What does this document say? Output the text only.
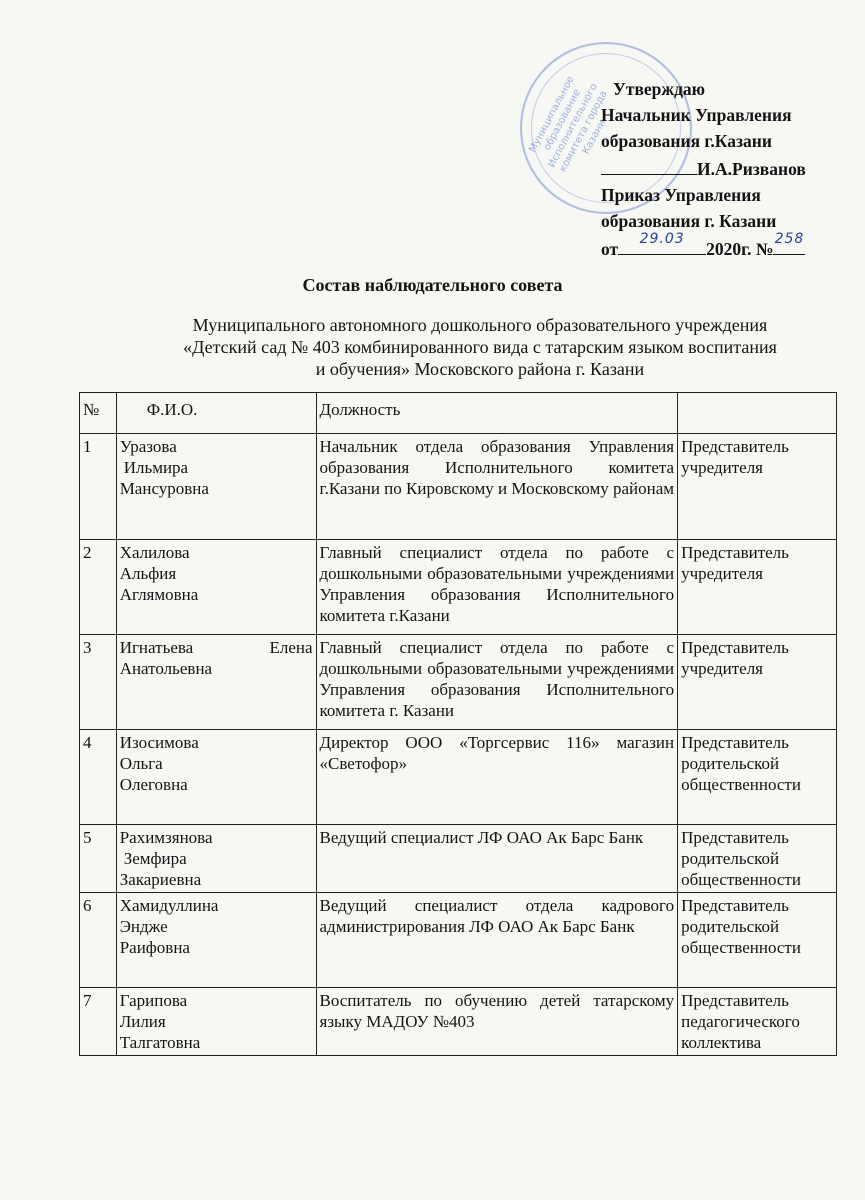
Муниципальное образование Исполнительного комитета города Казани
Утверждаю
Начальник Управления
образования г.Казани
И.А.Ризванов
Приказ Управления
образования г. Казани
от	29.03	2020г. № 258
Состав наблюдательного совета
Муниципального автономного дошкольного образовательного учреждения
«Детский сад № 403 комбинированного вида с татарским языком воспитания
и обучения» Московского района г. Казани
№	Ф.И.О.	Должность	
1	Уразова
Ильмира
Мансуровна	Начальник отдела образования Управления образования Исполнительного комитета г.Казани по Кировскому и Московскому районам	Представитель
учредителя

2	Халилова
Альфия
Аглямовна	Главный специалист отдела по работе с дошкольными образовательными учреждениями Управления образования Исполнительного комитета г.Казани	Представитель
учредителя

3	Игнатьева Елена
Анатольевна	Главный специалист отдела по работе с дошкольными образовательными учреждениями Управления образования Исполнительного комитета г. Казани	Представитель
учредителя

4	Изосимова
Ольга
Олеговна	Директор ООО «Торгсервис 116» магазин «Светофор»	Представитель
родительской
общественности

5	Рахимзянова
Земфира
Закариевна	Ведущий специалист ЛФ ОАО Ак Барс Банк	Представитель
родительской
общественности

6	Хамидуллина
Эндже
Раифовна	Ведущий специалист отдела кадрового администрирования ЛФ ОАО Ак Барс Банк	Представитель
родительской
общественности

7	Гарипова
Лилия
Талгатовна	Воспитатель по обучению детей татарскому языку МАДОУ №403	Представитель
педагогического
коллектива
